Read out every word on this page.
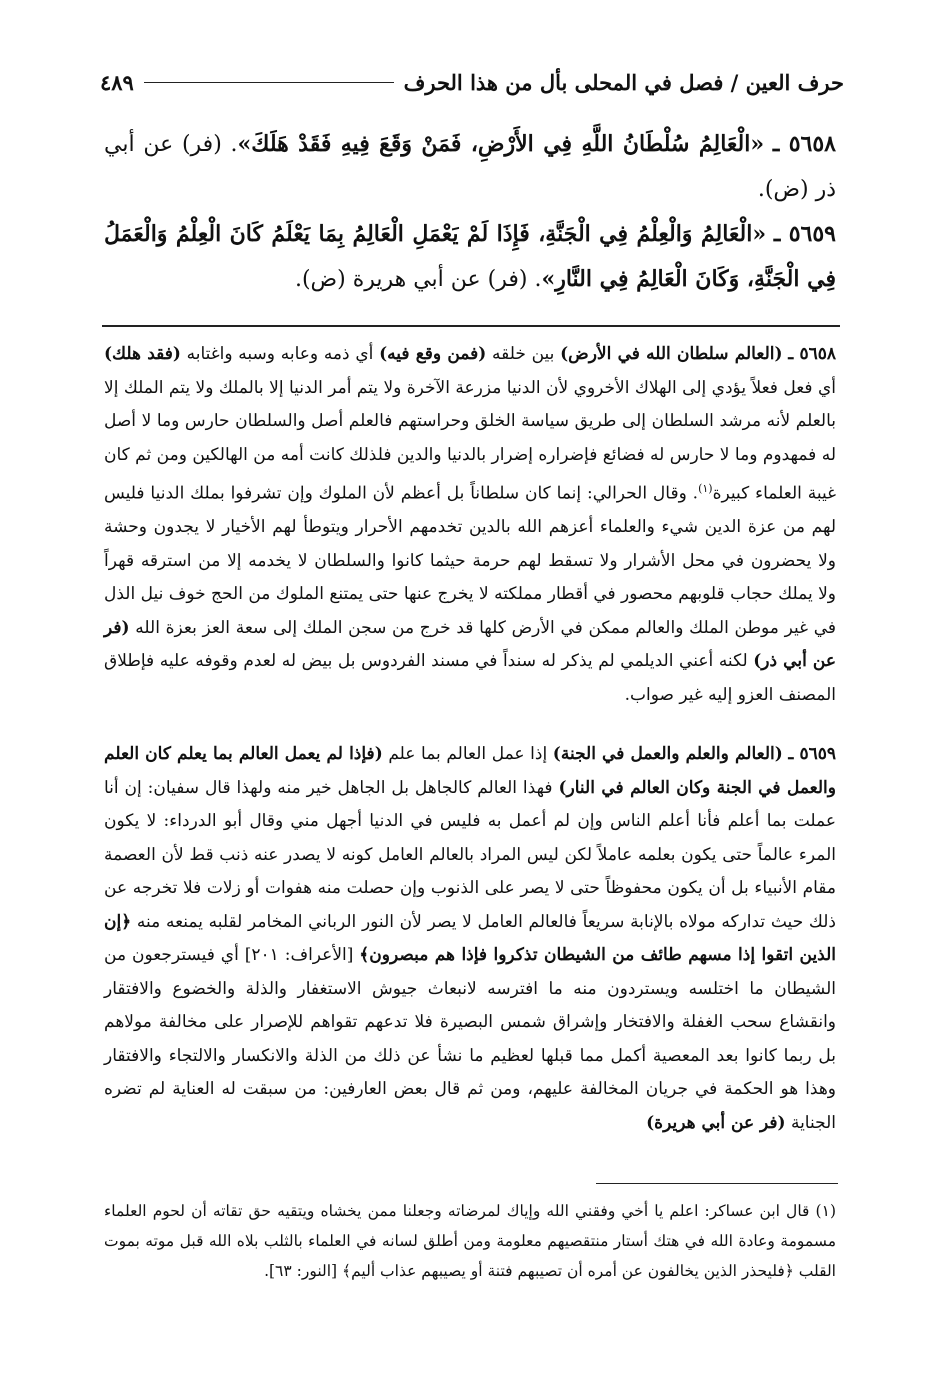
حرف العين / فصل في المحلى بأل من هذا الحرف
٤٨٩
٥٦٥٨ ـ «الْعَالِمُ سُلْطَانُ اللَّهِ فِي الأَرْضِ، فَمَنْ وَقَعَ فِيهِ فَقَدْ هَلَكَ». (فر) عن أبي ذر (ض).
٥٦٥٩ ـ «الْعَالِمُ وَالْعِلْمُ فِي الْجَنَّةِ، فَإِذَا لَمْ يَعْمَلِ الْعَالِمُ بِمَا يَعْلَمُ كَانَ الْعِلْمُ وَالْعَمَلُ فِي الْجَنَّةِ، وَكَانَ الْعَالِمُ فِي النَّارِ». (فر) عن أبي هريرة (ض).
٥٦٥٨ ـ (العالم سلطان الله في الأرض) بين خلقه (فمن وقع فيه) أي ذمه وعابه وسبه واغتابه (فقد هلك) أي فعل فعلاً يؤدي إلى الهلاك الأخروي لأن الدنيا مزرعة الآخرة ولا يتم أمر الدنيا إلا بالملك ولا يتم الملك إلا بالعلم لأنه مرشد السلطان إلى طريق سياسة الخلق وحراستهم فالعلم أصل والسلطان حارس وما لا أصل له فمهدوم وما لا حارس له فضائع فإضراره إضرار بالدنيا والدين فلذلك كانت أمه من الهالكين ومن ثم كان غيبة العلماء كبيرة$^{(١)}$. وقال الحرالي: إنما كان سلطاناً بل أعظم لأن الملوك وإن تشرفوا بملك الدنيا فليس لهم من عزة الدين شيء والعلماء أعزهم الله بالدين تخدمهم الأحرار ويتوطأ لهم الأخيار لا يجدون وحشة ولا يحضرون في محل الأشرار ولا تسقط لهم حرمة حيثما كانوا والسلطان لا يخدمه إلا من استرقه قهراً ولا يملك حجاب قلوبهم محصور في أقطار مملكته لا يخرج عنها حتى يمتنع الملوك من الحج خوف نيل الذل في غير موطن الملك والعالم ممكن في الأرض كلها قد خرج من سجن الملك إلى سعة العز بعزة الله (فر عن أبي ذر) لكنه أعني الديلمي لم يذكر له سنداً في مسند الفردوس بل بيض له لعدم وقوفه عليه فإطلاق المصنف العزو إليه غير صواب.
٥٦٥٩ ـ (العالم والعلم والعمل في الجنة) إذا عمل العالم بما علم (فإذا لم يعمل العالم بما يعلم كان العلم والعمل في الجنة وكان العالم في النار) فهذا العالم كالجاهل بل الجاهل خير منه ولهذا قال سفيان: إن أنا عملت بما أعلم فأنا أعلم الناس وإن لم أعمل به فليس في الدنيا أجهل مني وقال أبو الدرداء: لا يكون المرء عالماً حتى يكون بعلمه عاملاً لكن ليس المراد بالعالم العامل كونه لا يصدر عنه ذنب قط لأن العصمة مقام الأنبياء بل أن يكون محفوظاً حتى لا يصر على الذنوب وإن حصلت منه هفوات أو زلات فلا تخرجه عن ذلك حيث تداركه مولاه بالإنابة سريعاً فالعالم العامل لا يصر لأن النور الرباني المخامر لقلبه يمنعه منه ﴿إن الذين اتقوا إذا مسهم طائف من الشيطان تذكروا فإذا هم مبصرون﴾ [الأعراف: ٢٠١] أي فيسترجعون من الشيطان ما اختلسه ويستردون منه ما افترسه لانبعاث جيوش الاستغفار والذلة والخضوع والافتقار وانقشاع سحب الغفلة والافتخار وإشراق شمس البصيرة فلا تدعهم تقواهم للإصرار على مخالفة مولاهم بل ربما كانوا بعد المعصية أكمل مما قبلها لعظيم ما نشأ عن ذلك من الذلة والانكسار والالتجاء والافتقار وهذا هو الحكمة في جريان المخالفة عليهم، ومن ثم قال بعض العارفين: من سبقت له العناية لم تضره الجناية (فر عن أبي هريرة)
(١) قال ابن عساكر: اعلم يا أخي وفقني الله وإياك لمرضاته وجعلنا ممن يخشاه ويتقيه حق تقاته أن لحوم العلماء مسمومة وعادة الله في هتك أستار منتقصيهم معلومة ومن أطلق لسانه في العلماء بالثلب بلاه الله قبل موته بموت القلب ﴿فليحذر الذين يخالفون عن أمره أن تصيبهم فتنة أو يصيبهم عذاب أليم﴾ [النور: ٦٣].
